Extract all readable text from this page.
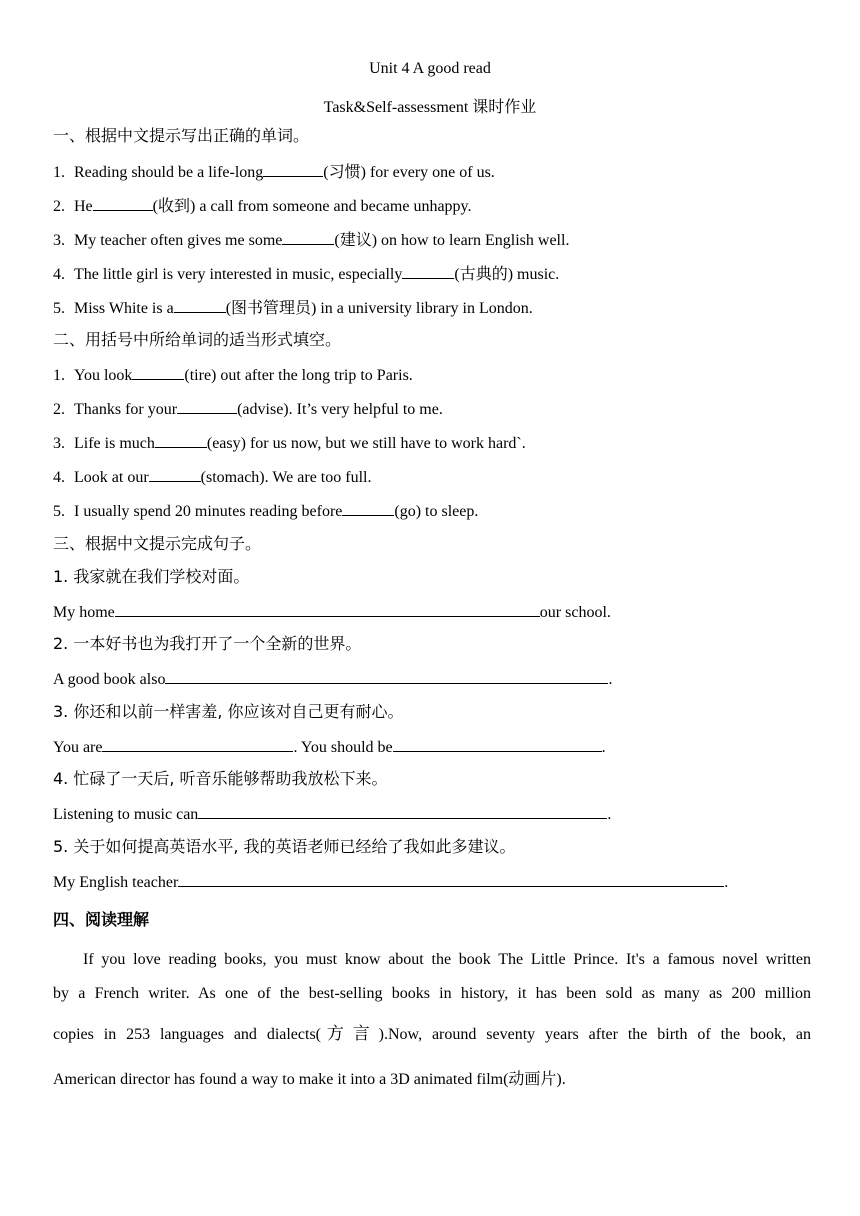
Unit 4 A good read
Task&Self-assessment 课时作业
一、根据中文提示写出正确的单词。
1. Reading should be a life-long	(习惯) for every one of us.
2. He	(收到) a call from someone and became unhappy.
3. My teacher often gives me some	(建议) on how to learn English well.
4. The little girl is very interested in music, especially	(古典的) music.
5. Miss White is a	(图书管理员) in a university library in London.
二、用括号中所给单词的适当形式填空。
1. You look	(tire) out after the long trip to Paris.
2. Thanks for your	(advise). It’s very helpful to me.
3. Life is much	(easy) for us now, but we still have to work hard`.
4. Look at our	(stomach). We are too full.
5. I usually spend 20 minutes reading before	(go) to sleep.
三、根据中文提示完成句子。
1. 我家就在我们学校对面。
My home	our school.
2. 一本好书也为我打开了一个全新的世界。
A good book also	.
3. 你还和以前一样害羞, 你应该对自己更有耐心。
You are	. You should be	.
4. 忙碌了一天后, 听音乐能够帮助我放松下来。
Listening to music can	.
5. 关于如何提高英语水平, 我的英语老师已经给了我如此多建议。
My English teacher	.
四、阅读理解
If you love reading books, you must know about the book The Little Prince. It's a famous novel written
by a French writer. As one of the best-selling books in history, it has been sold as many as 200 million
copies in 253 languages and dialects(方言).Now, around seventy years after the birth of the book, an
American director has found a way to make it into a 3D animated film(动画片).
